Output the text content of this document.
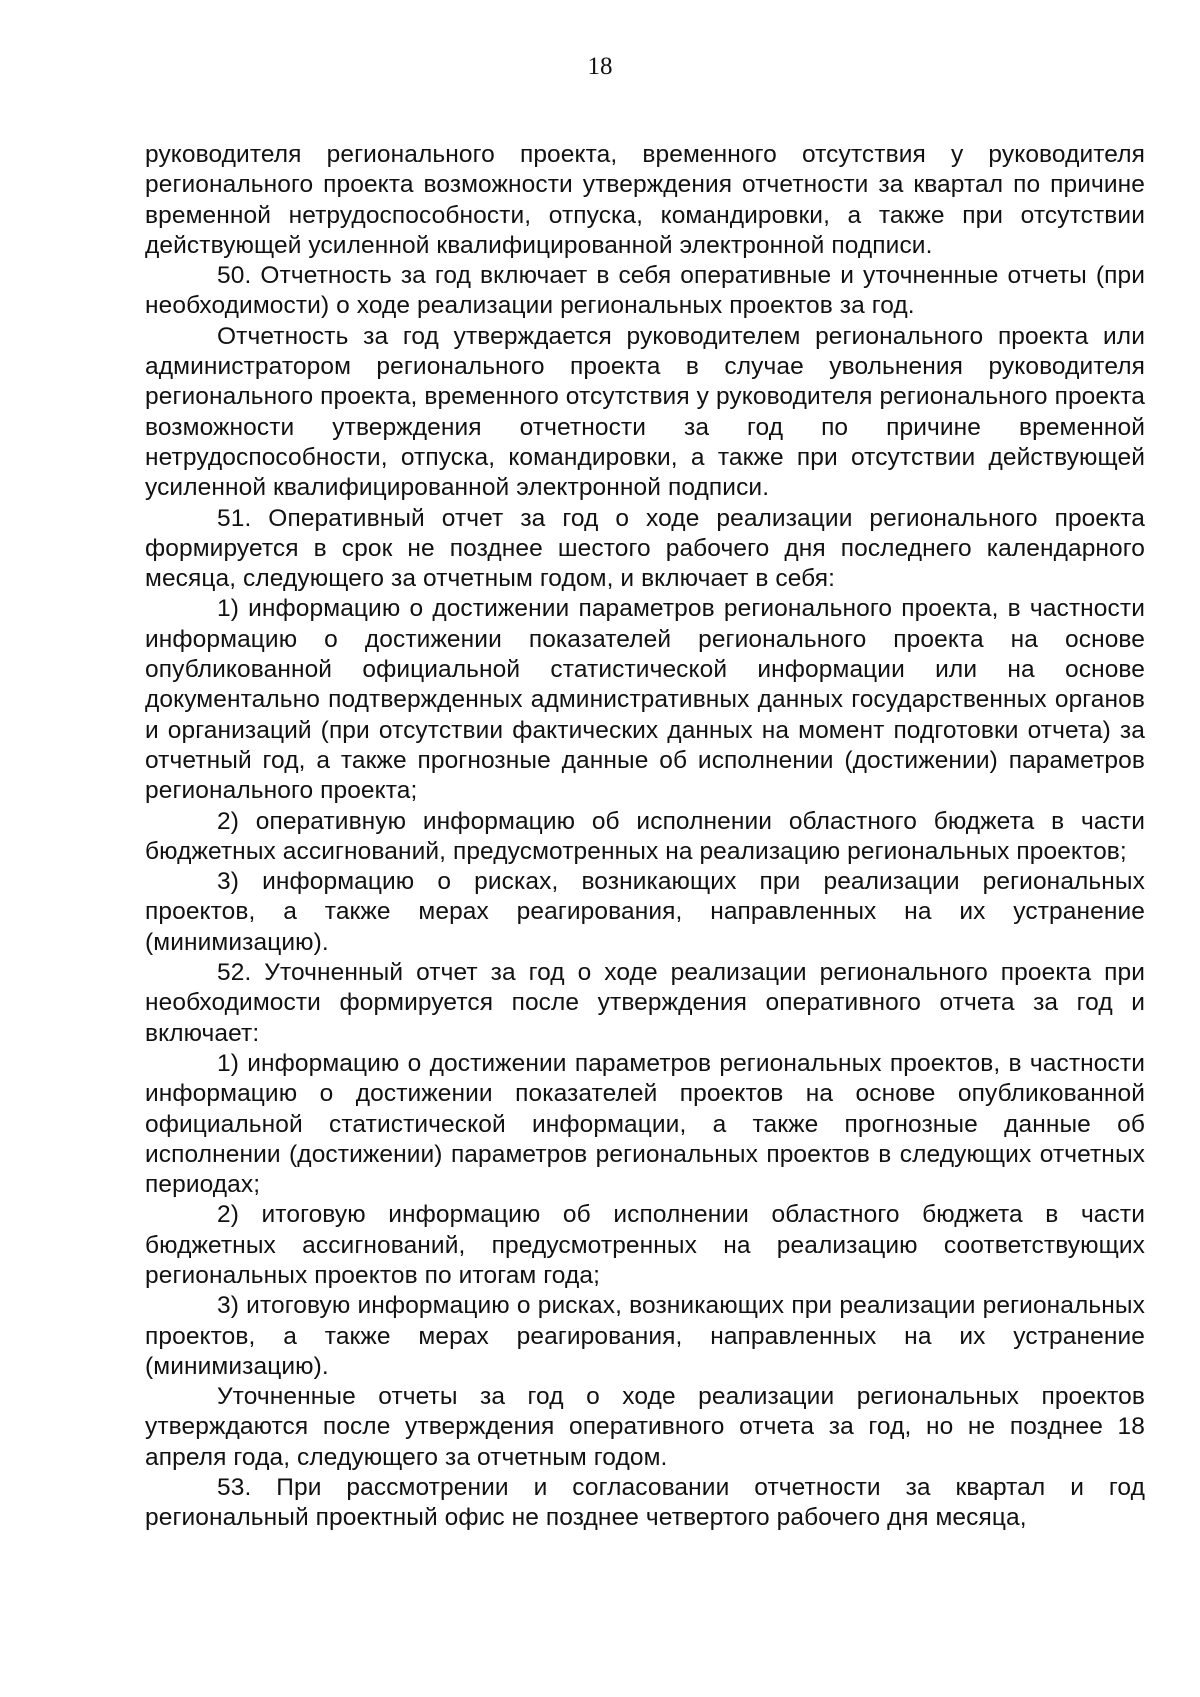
18

руководителя регионального проекта, временного отсутствия у руководителя регионального проекта возможности утверждения отчетности за квартал по причине временной нетрудоспособности, отпуска, командировки, а также при отсутствии действующей усиленной квалифицированной электронной подписи.

50. Отчетность за год включает в себя оперативные и уточненные отчеты (при необходимости) о ходе реализации региональных проектов за год.

Отчетность за год утверждается руководителем регионального проекта или администратором регионального проекта в случае увольнения руководителя регионального проекта, временного отсутствия у руководителя регионального проекта возможности утверждения отчетности за год по причине временной нетрудоспособности, отпуска, командировки, а также при отсутствии действующей усиленной квалифицированной электронной подписи.

51. Оперативный отчет за год о ходе реализации регионального проекта формируется в срок не позднее шестого рабочего дня последнего календарного месяца, следующего за отчетным годом, и включает в себя:

1) информацию о достижении параметров регионального проекта, в частности информацию о достижении показателей регионального проекта на основе опубликованной официальной статистической информации или на основе документально подтвержденных административных данных государственных органов и организаций (при отсутствии фактических данных на момент подготовки отчета) за отчетный год, а также прогнозные данные об исполнении (достижении) параметров регионального проекта;

2) оперативную информацию об исполнении областного бюджета в части бюджетных ассигнований, предусмотренных на реализацию региональных проектов;

3) информацию о рисках, возникающих при реализации региональных проектов, а также мерах реагирования, направленных на их устранение (минимизацию).

52. Уточненный отчет за год о ходе реализации регионального проекта при необходимости формируется после утверждения оперативного отчета за год и включает:

1) информацию о достижении параметров региональных проектов, в частности информацию о достижении показателей проектов на основе опубликованной официальной статистической информации, а также прогнозные данные об исполнении (достижении) параметров региональных проектов в следующих отчетных периодах;

2) итоговую информацию об исполнении областного бюджета в части бюджетных ассигнований, предусмотренных на реализацию соответствующих региональных проектов по итогам года;

3) итоговую информацию о рисках, возникающих при реализации региональных проектов, а также мерах реагирования, направленных на их устранение (минимизацию).

Уточненные отчеты за год о ходе реализации региональных проектов утверждаются после утверждения оперативного отчета за год, но не позднее 18 апреля года, следующего за отчетным годом.

53. При рассмотрении и согласовании отчетности за квартал и год региональный проектный офис не позднее четвертого рабочего дня месяца,
